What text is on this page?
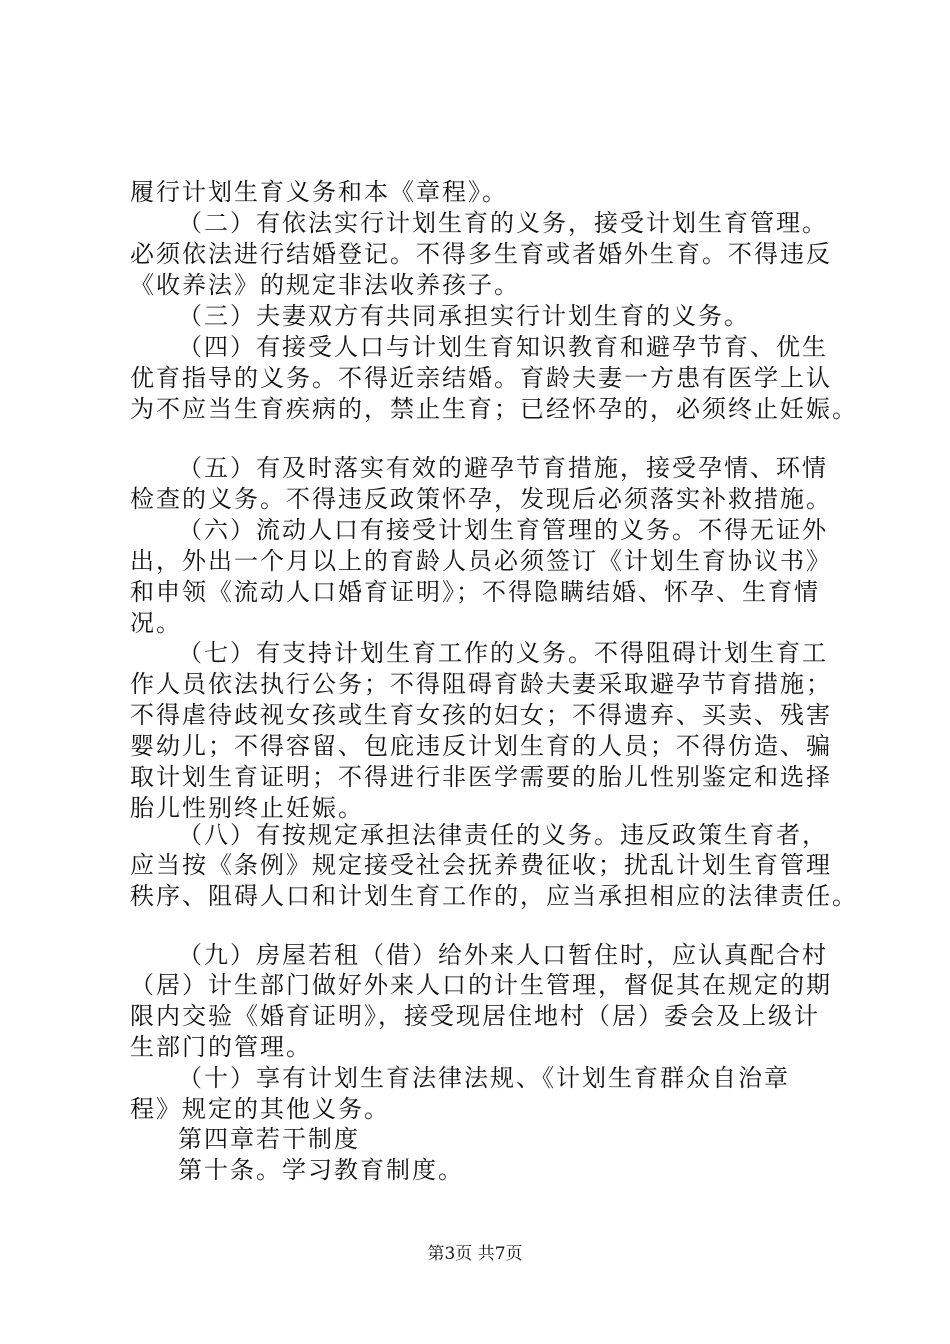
履行计划生育义务和本《章程》。
（二）有依法实行计划生育的义务，接受计划生育管理。
必须依法进行结婚登记。不得多生育或者婚外生育。不得违反
《收养法》的规定非法收养孩子。
（三）夫妻双方有共同承担实行计划生育的义务。
（四）有接受人口与计划生育知识教育和避孕节育、优生
优育指导的义务。不得近亲结婚。育龄夫妻一方患有医学上认
为不应当生育疾病的，禁止生育；已经怀孕的，必须终止妊娠。
（五）有及时落实有效的避孕节育措施，接受孕情、环情
检查的义务。不得违反政策怀孕，发现后必须落实补救措施。
（六）流动人口有接受计划生育管理的义务。不得无证外
出，外出一个月以上的育龄人员必须签订《计划生育协议书》
和申领《流动人口婚育证明》；不得隐瞒结婚、怀孕、生育情
况。
（七）有支持计划生育工作的义务。不得阻碍计划生育工
作人员依法执行公务；不得阻碍育龄夫妻采取避孕节育措施；
不得虐待歧视女孩或生育女孩的妇女；不得遗弃、买卖、残害
婴幼儿；不得容留、包庇违反计划生育的人员；不得仿造、骗
取计划生育证明；不得进行非医学需要的胎儿性别鉴定和选择
胎儿性别终止妊娠。
（八）有按规定承担法律责任的义务。违反政策生育者，
应当按《条例》规定接受社会抚养费征收；扰乱计划生育管理
秩序、阻碍人口和计划生育工作的，应当承担相应的法律责任。
（九）房屋若租（借）给外来人口暂住时，应认真配合村
（居）计生部门做好外来人口的计生管理，督促其在规定的期
限内交验《婚育证明》，接受现居住地村（居）委会及上级计
生部门的管理。
（十）享有计划生育法律法规、《计划生育群众自治章
程》规定的其他义务。
第四章若干制度
第十条。学习教育制度。
第3页 共7页
